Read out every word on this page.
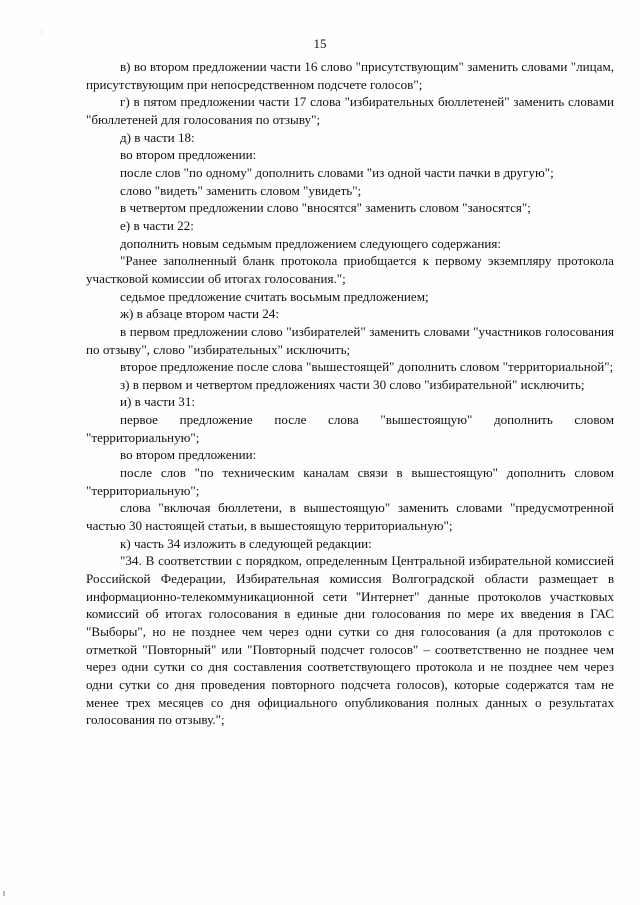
бб
15

в) во втором предложении части 16 слово "присутствующим" заменить словами "лицам, присутствующим при непосредственном подсчете голосов";

г) в пятом предложении части 17 слова "избирательных бюллетеней" заменить словами "бюллетеней для голосования по отзыву";

д) в части 18:

во втором предложении:

после слов "по одному" дополнить словами "из одной части пачки в другую";

слово "видеть" заменить словом "увидеть";

в четвертом предложении слово "вносятся" заменить словом "заносятся";

е) в части 22:

дополнить новым седьмым предложением следующего содержания:

"Ранее заполненный бланк протокола приобщается к первому экземпляру протокола участковой комиссии об итогах голосования.";

седьмое предложение считать восьмым предложением;

ж) в абзаце втором части 24:

в первом предложении слово "избирателей" заменить словами "участников голосования по отзыву", слово "избирательных" исключить;

второе предложение после слова "вышестоящей" дополнить словом "территориальной";

з) в первом и четвертом предложениях части 30 слово "избирательной" исключить;

и) в части 31:

первое предложение после слова "вышестоящую" дополнить словом "территориальную";

во втором предложении:

после слов "по техническим каналам связи в вышестоящую" дополнить словом "территориальную";

слова "включая бюллетени, в вышестоящую" заменить словами "предусмотренной частью 30 настоящей статьи, в вышестоящую территориальную";

к) часть 34 изложить в следующей редакции:

"34. В соответствии с порядком, определенным Центральной избирательной комиссией Российской Федерации, Избирательная комиссия Волгоградской области размещает в информационно-телекоммуникационной сети "Интернет" данные протоколов участковых комиссий об итогах голосования в единые дни голосования по мере их введения в ГАС "Выборы", но не позднее чем через одни сутки со дня голосования (а для протоколов с отметкой "Повторный" или "Повторный подсчет голосов" – соответственно не позднее чем через одни сутки со дня составления соответствующего протокола и не позднее чем через одни сутки со дня проведения повторного подсчета голосов), которые содержатся там не менее трех месяцев со дня официального опубликования полных данных о результатах голосования по отзыву.";
